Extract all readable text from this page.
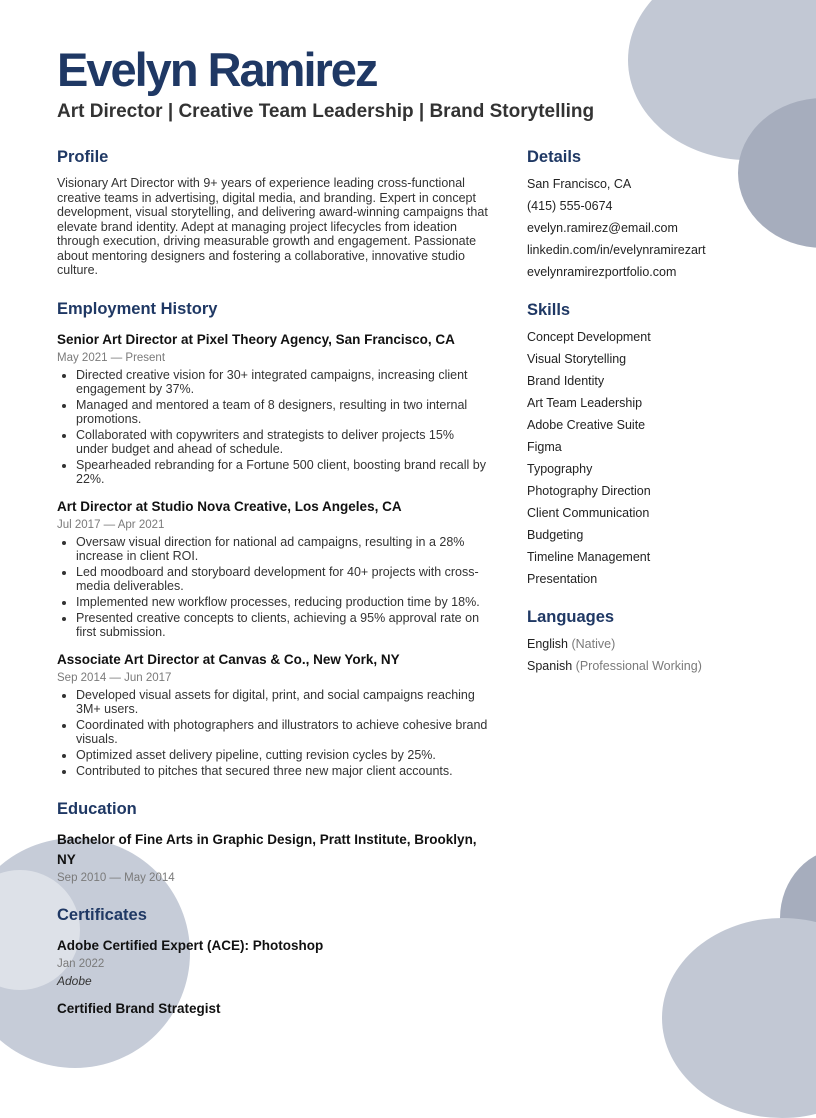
Evelyn Ramirez

Art Director | Creative Team Leadership | Brand Storytelling

Profile

Visionary Art Director with 9+ years of experience leading cross-functional creative teams in advertising, digital media, and branding. Expert in concept development, visual storytelling, and delivering award-winning campaigns that elevate brand identity. Adept at managing project lifecycles from ideation through execution, driving measurable growth and engagement. Passionate about mentoring designers and fostering a collaborative, innovative studio culture.

Employment History

Senior Art Director at Pixel Theory Agency, San Francisco, CA

May 2021 — Present

• Directed creative vision for 30+ integrated campaigns, increasing client engagement by 37%.
• Managed and mentored a team of 8 designers, resulting in two internal promotions.
• Collaborated with copywriters and strategists to deliver projects 15% under budget and ahead of schedule.
• Spearheaded rebranding for a Fortune 500 client, boosting brand recall by 22%.

Art Director at Studio Nova Creative, Los Angeles, CA

Jul 2017 — Apr 2021

• Oversaw visual direction for national ad campaigns, resulting in a 28% increase in client ROI.
• Led moodboard and storyboard development for 40+ projects with cross-media deliverables.
• Implemented new workflow processes, reducing production time by 18%.
• Presented creative concepts to clients, achieving a 95% approval rate on first submission.

Associate Art Director at Canvas & Co., New York, NY

Sep 2014 — Jun 2017

• Developed visual assets for digital, print, and social campaigns reaching 3M+ users.
• Coordinated with photographers and illustrators to achieve cohesive brand visuals.
• Optimized asset delivery pipeline, cutting revision cycles by 25%.
• Contributed to pitches that secured three new major client accounts.
Education

Bachelor of Fine Arts in Graphic Design, Pratt Institute, Brooklyn, NY

Sep 2010 — May 2014

Certificates

Adobe Certified Expert (ACE): Photoshop

Jan 2022

Adobe

Certified Brand Strategist

Details
San Francisco, CA
(415) 555-0674
evelyn.ramirez@email.com
linkedin.com/in/evelynramirezart
evelynramirezportfolio.com
Skills
Concept Development
Visual Storytelling
Brand Identity
Art Team Leadership
Adobe Creative Suite
Figma
Typography
Photography Direction
Client Communication
Budgeting
Timeline Management
Presentation
Languages
English (Native)
Spanish (Professional Working)
